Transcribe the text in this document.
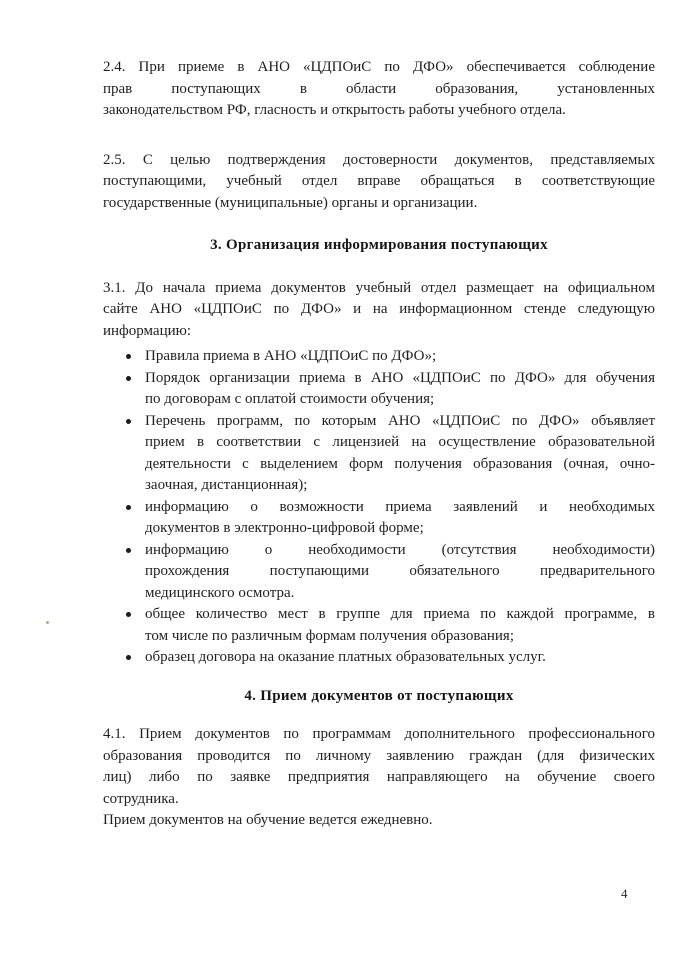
2.4. При приеме в АНО «ЦДПОиС по ДФО» обеспечивается соблюдение
прав поступающих в области образования, установленных
законодательством РФ, гласность и открытость работы учебного отдела.
2.5. С целью подтверждения достоверности документов, представляемых
поступающими, учебный отдел вправе обращаться в соответствующие
государственные (муниципальные) органы и организации.
3. Организация информирования поступающих
3.1. До начала приема документов учебный отдел размещает на официальном
сайте АНО «ЦДПОиС по ДФО» и на информационном стенде следующую
информацию:
Правила приема в АНО «ЦДПОиС по ДФО»;
Порядок организации приема в АНО «ЦДПОиС по ДФО» для обучения
по договорам с оплатой стоимости обучения;
Перечень программ, по которым АНО «ЦДПОиС по ДФО» объявляет
прием в соответствии с лицензией на осуществление образовательной
деятельности с выделением форм получения образования (очная, очно-
заочная, дистанционная);
информацию о возможности приема заявлений и необходимых
документов в электронно-цифровой форме;
информацию о необходимости (отсутствия необходимости)
прохождения поступающими обязательного предварительного
медицинского осмотра.
общее количество мест в группе для приема по каждой программе, в
том числе по различным формам получения образования;
образец договора на оказание платных образовательных услуг.
4. Прием документов от поступающих
4.1. Прием документов по программам дополнительного профессионального
образования проводится по личному заявлению граждан (для физических
лиц) либо по заявке предприятия направляющего на обучение своего
сотрудника.
Прием документов на обучение ведется ежедневно.
4
